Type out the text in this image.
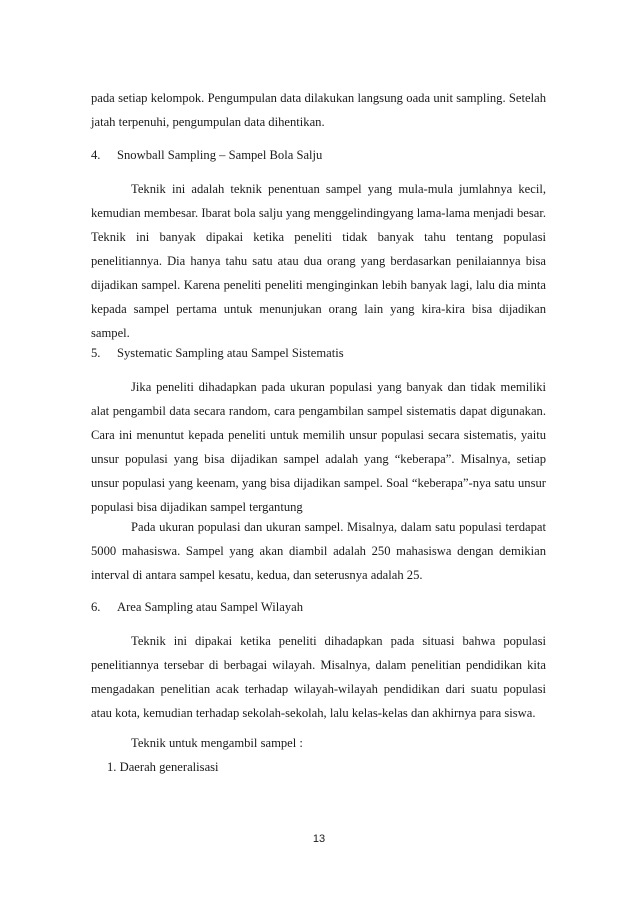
pada setiap kelompok. Pengumpulan data dilakukan langsung oada unit sampling. Setelah jatah terpenuhi, pengumpulan data dihentikan.

4. Snowball Sampling – Sampel Bola Salju

Teknik ini adalah teknik penentuan sampel yang mula-mula jumlahnya kecil, kemudian membesar. Ibarat bola salju yang menggelindingyang lama-lama menjadi besar. Teknik ini banyak dipakai ketika peneliti tidak banyak tahu tentang populasi penelitiannya. Dia hanya tahu satu atau dua orang yang berdasarkan penilaiannya bisa dijadikan sampel. Karena peneliti peneliti menginginkan lebih banyak lagi, lalu dia minta kepada sampel pertama untuk menunjukan orang lain yang kira-kira bisa dijadikan sampel.

5. Systematic Sampling atau Sampel Sistematis

Jika peneliti dihadapkan pada ukuran populasi yang banyak dan tidak memiliki alat pengambil data secara random, cara pengambilan sampel sistematis dapat digunakan. Cara ini menuntut kepada peneliti untuk memilih unsur populasi secara sistematis, yaitu unsur populasi yang bisa dijadikan sampel adalah yang “keberapa”. Misalnya, setiap unsur populasi yang keenam, yang bisa dijadikan sampel. Soal “keberapa”-nya satu unsur populasi bisa dijadikan sampel tergantung

Pada ukuran populasi dan ukuran sampel. Misalnya, dalam satu populasi terdapat 5000 mahasiswa. Sampel yang akan diambil adalah 250 mahasiswa dengan demikian interval di antara sampel kesatu, kedua, dan seterusnya adalah 25.

6. Area Sampling atau Sampel Wilayah

Teknik ini dipakai ketika peneliti dihadapkan pada situasi bahwa populasi penelitiannya tersebar di berbagai wilayah. Misalnya, dalam penelitian pendidikan kita mengadakan penelitian acak terhadap wilayah-wilayah pendidikan dari suatu populasi atau kota, kemudian terhadap sekolah-sekolah, lalu kelas-kelas dan akhirnya para siswa.

Teknik untuk mengambil sampel :
1. Daerah generalisasi
13
